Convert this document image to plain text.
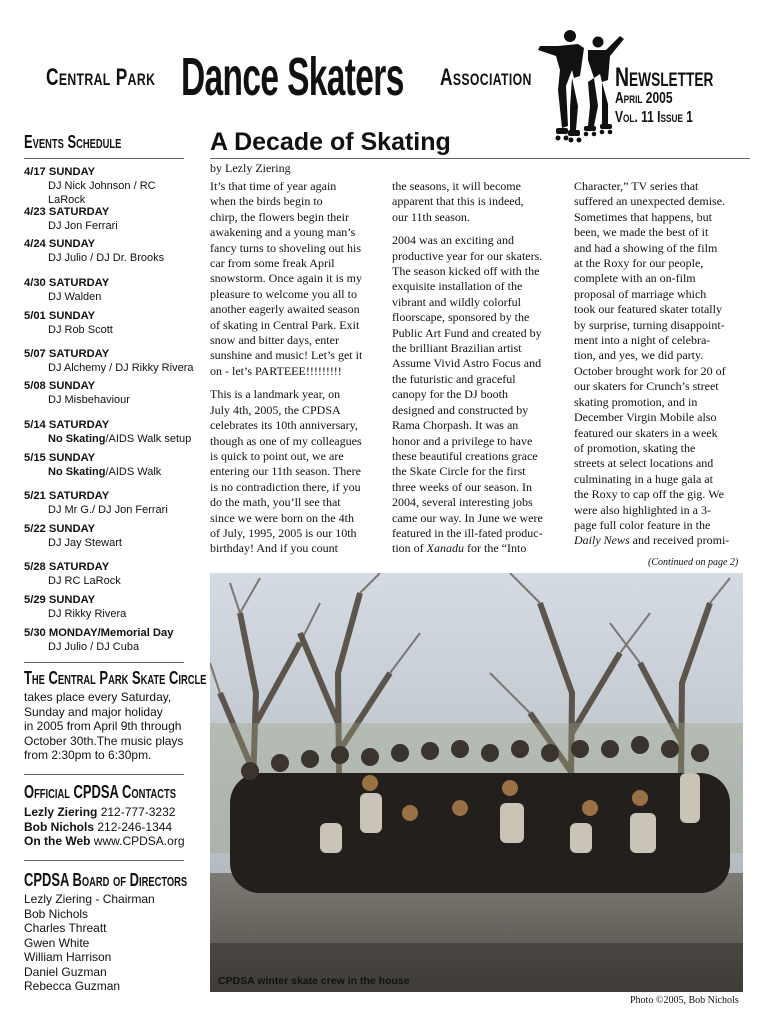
Central Park Dance Skaters Association	Newsletter
April 2005
Vol. 11 Issue 1
Events Schedule
4/17 SUNDAY
DJ Nick Johnson / RC LaRock
4/23 SATURDAY
DJ Jon Ferrari
4/24 SUNDAY
DJ Julio / DJ Dr. Brooks
4/30 SATURDAY
DJ Walden
5/01 SUNDAY
DJ Rob Scott
5/07 SATURDAY
DJ Alchemy / DJ Rikky Rivera
5/08 SUNDAY
DJ Misbehaviour
5/14 SATURDAY
No Skating/AIDS Walk setup
5/15 SUNDAY
No Skating/AIDS Walk
5/21 SATURDAY
DJ Mr G./ DJ Jon Ferrari
5/22 SUNDAY
DJ Jay Stewart
5/28 SATURDAY
DJ RC LaRock
5/29 SUNDAY
DJ Rikky Rivera
5/30 MONDAY/Memorial Day
DJ Julio / DJ Cuba
The Central Park Skate Circle
takes place every Saturday,
Sunday and major holiday
in 2005 from April 9th through
October 30th.The music plays
from 2:30pm to 6:30pm.
Official CPDSA Contacts
Lezly Ziering 212-777-3232
Bob Nichols 212-246-1344
On the Web www.CPDSA.org
CPDSA Board of Directors
Lezly Ziering - Chairman
Bob Nichols
Charles Threatt
Gwen White
William Harrison
Daniel Guzman
Rebecca Guzman
A Decade of Skating
by Lezly Ziering

It’s that time of year again
when the birds begin to
chirp, the flowers begin their
awakening and a young man’s
fancy turns to shoveling out his
car from some freak April
snowstorm. Once again it is my
pleasure to welcome you all to
another eagerly awaited season
of skating in Central Park. Exit
snow and bitter days, enter
sunshine and music! Let’s get it
on - let’s PARTEEE!!!!!!!!!

This is a landmark year, on
July 4th, 2005, the CPDSA
celebrates its 10th anniversary,
though as one of my colleagues
is quick to point out, we are
entering our 11th season. There
is no contradiction there, if you
do the math, you’ll see that
since we were born on the 4th
of July, 1995, 2005 is our 10th
birthday! And if you count

the seasons, it will become
apparent that this is indeed,
our 11th season.

2004 was an exciting and
productive year for our skaters.
The season kicked off with the
exquisite installation of the
vibrant and wildly colorful
floorscape, sponsored by the
Public Art Fund and created by
the brilliant Brazilian artist
Assume Vivid Astro Focus and
the futuristic and graceful
canopy for the DJ booth
designed and constructed by
Rama Chorpash. It was an
honor and a privilege to have
these beautiful creations grace
the Skate Circle for the first
three weeks of our season. In
2004, several interesting jobs
came our way. In June we were
featured in the ill-fated produc-
tion of Xanadu for the “Into

Character,” TV series that
suffered an unexpected demise.
Sometimes that happens, but
been, we made the best of it
and had a showing of the film
at the Roxy for our people,
complete with an on-film
proposal of marriage which
took our featured skater totally
by surprise, turning disappoint-
ment into a night of celebra-
tion, and yes, we did party.
October brought work for 20 of
our skaters for Crunch’s street
skating promotion, and in
December Virgin Mobile also
featured our skaters in a week
of promotion, skating the
streets at select locations and
culminating in a huge gala at
the Roxy to cap off the gig. We
were also highlighted in a 3-
page full color feature in the
Daily News and received promi-

(Continued on page 2)
CPDSA winter skate crew in the house
Photo ©2005, Bob Nichols
